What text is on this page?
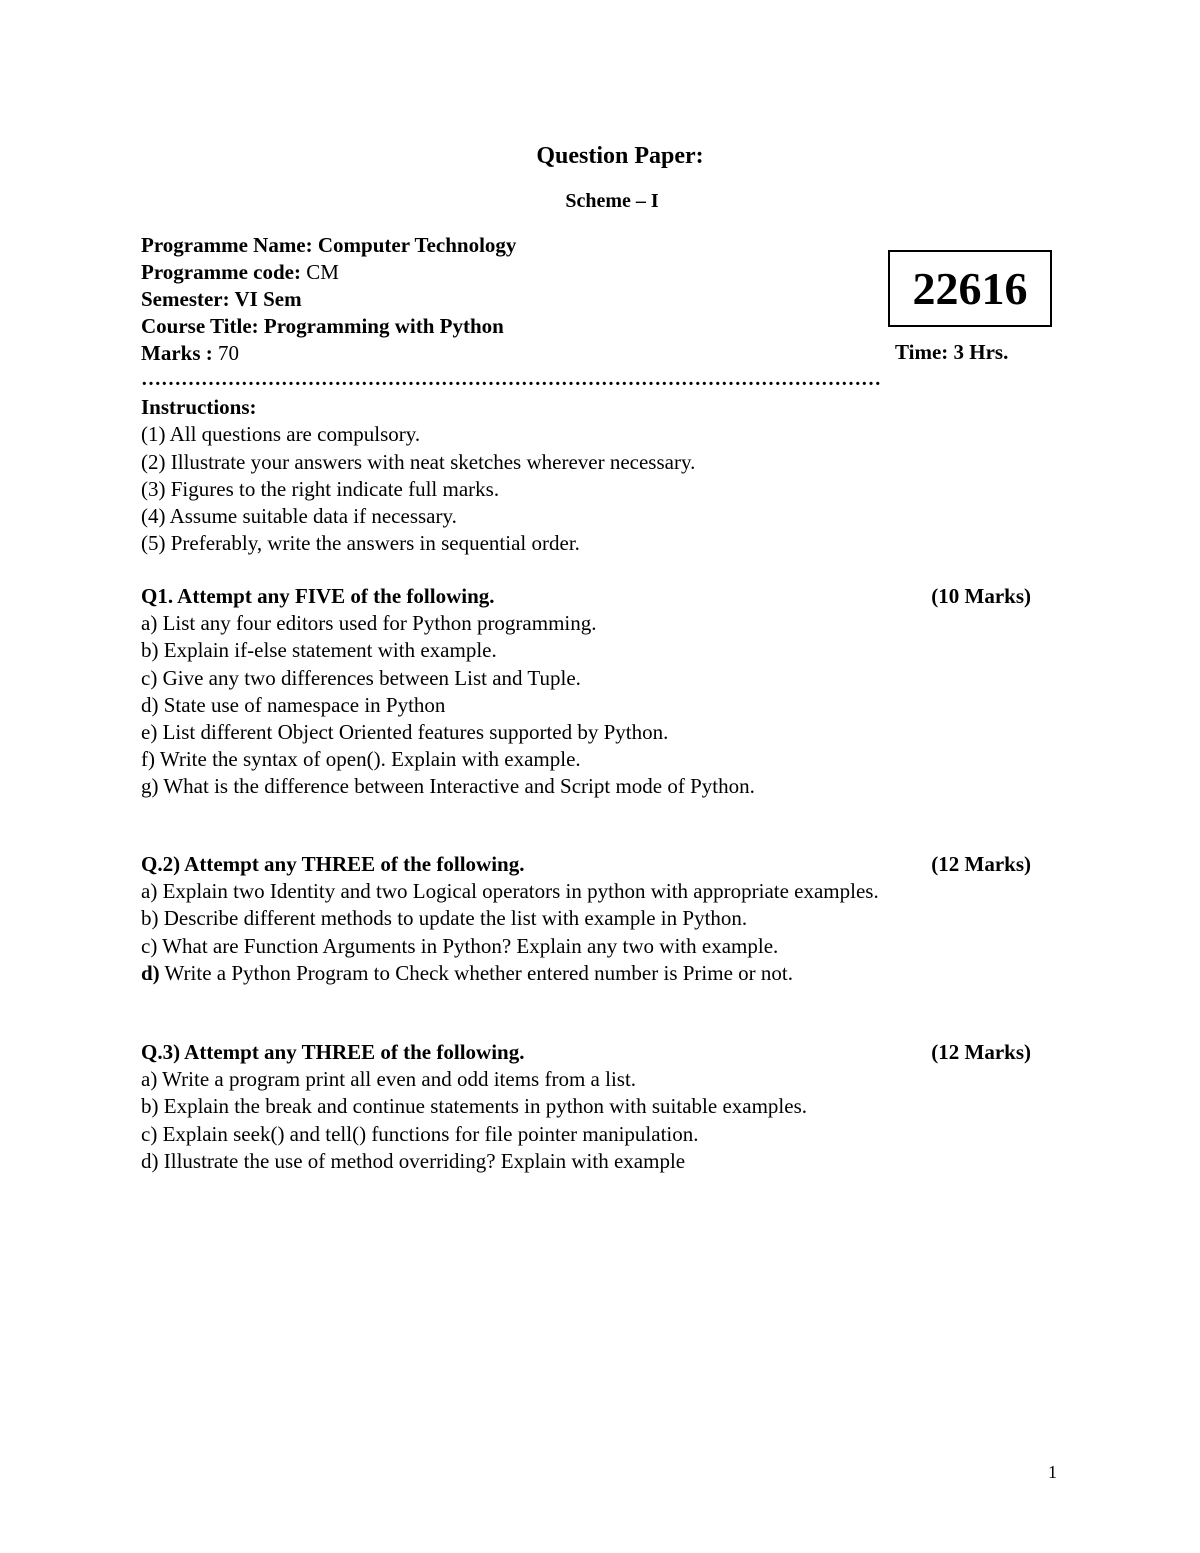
Question Paper:
Scheme – I
Programme Name: Computer Technology
Programme code: CM
Semester: VI Sem
Course Title: Programming with Python
Marks : 70
22616
Time: 3 Hrs.
…………………………………………………………………………………………………
Instructions:
(1) All questions are compulsory.
(2) Illustrate your answers with neat sketches wherever necessary.
(3) Figures to the right indicate full marks.
(4) Assume suitable data if necessary.
(5) Preferably, write the answers in sequential order.
Q1. Attempt any FIVE of the following.	(10 Marks)
a) List any four editors used for Python programming.
b) Explain if-else statement with example.
c) Give any two differences between List and Tuple.
d) State use of namespace in Python
e) List different Object Oriented features supported by Python.
f) Write the syntax of open(). Explain with example.
g) What is the difference between Interactive and Script mode of Python.
Q.2) Attempt any THREE of the following.	(12 Marks)
a) Explain two Identity and two Logical operators in python with appropriate examples.
b) Describe different methods to update the list with example in Python.
c) What are Function Arguments in Python? Explain any two with example.
d) Write a Python Program to Check whether entered number is Prime or not.
Q.3) Attempt any THREE of the following.	(12 Marks)
a) Write a program print all even and odd items from a list.
b) Explain the break and continue statements in python with suitable examples.
c) Explain seek() and tell() functions for file pointer manipulation.
d) Illustrate the use of method overriding? Explain with example
1
